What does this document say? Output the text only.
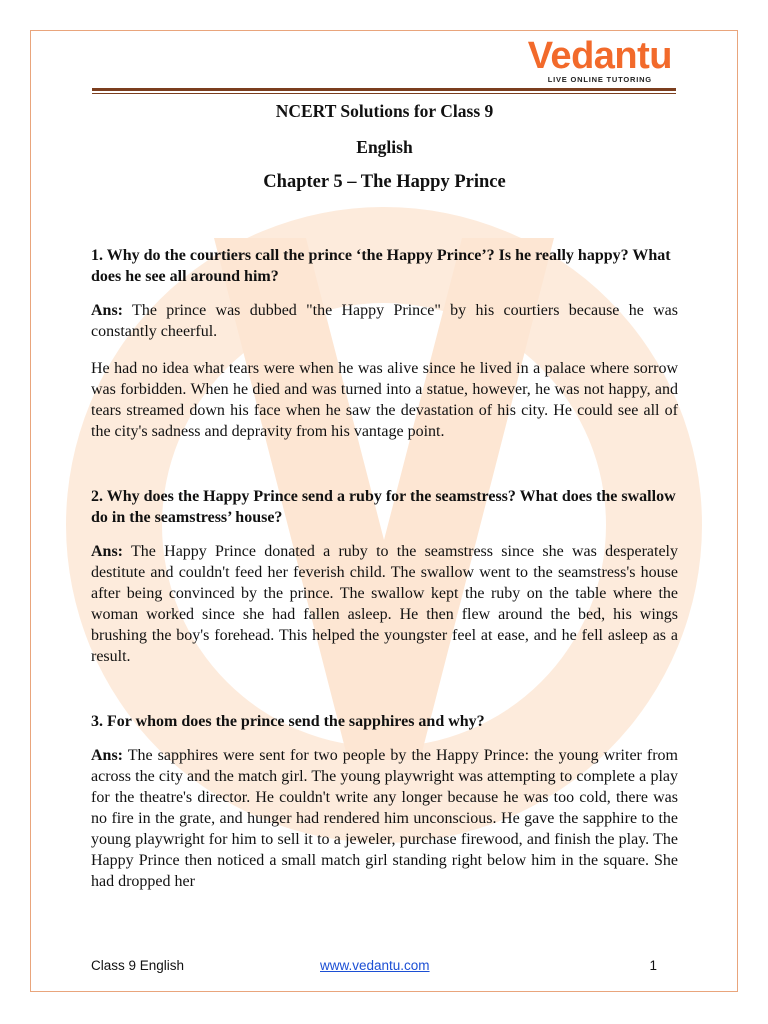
Vedantu
LIVE ONLINE TUTORING
NCERT Solutions for Class 9
English
Chapter 5 – The Happy Prince
1. Why do the courtiers call the prince ‘the Happy Prince’? Is he really happy? What does he see all around him?
Ans: The prince was dubbed "the Happy Prince" by his courtiers because he was constantly cheerful.
He had no idea what tears were when he was alive since he lived in a palace where sorrow was forbidden. When he died and was turned into a statue, however, he was not happy, and tears streamed down his face when he saw the devastation of his city. He could see all of the city's sadness and depravity from his vantage point.
2. Why does the Happy Prince send a ruby for the seamstress? What does the swallow do in the seamstress’ house?
Ans: The Happy Prince donated a ruby to the seamstress since she was desperately destitute and couldn't feed her feverish child. The swallow went to the seamstress's house after being convinced by the prince. The swallow kept the ruby on the table where the woman worked since she had fallen asleep. He then flew around the bed, his wings brushing the boy's forehead. This helped the youngster feel at ease, and he fell asleep as a result.
3. For whom does the prince send the sapphires and why?
Ans: The sapphires were sent for two people by the Happy Prince: the young writer from across the city and the match girl. The young playwright was attempting to complete a play for the theatre's director. He couldn't write any longer because he was too cold, there was no fire in the grate, and hunger had rendered him unconscious. He gave the sapphire to the young playwright for him to sell it to a jeweler, purchase firewood, and finish the play. The Happy Prince then noticed a small match girl standing right below him in the square. She had dropped her
Class 9 English	www.vedantu.com	1
